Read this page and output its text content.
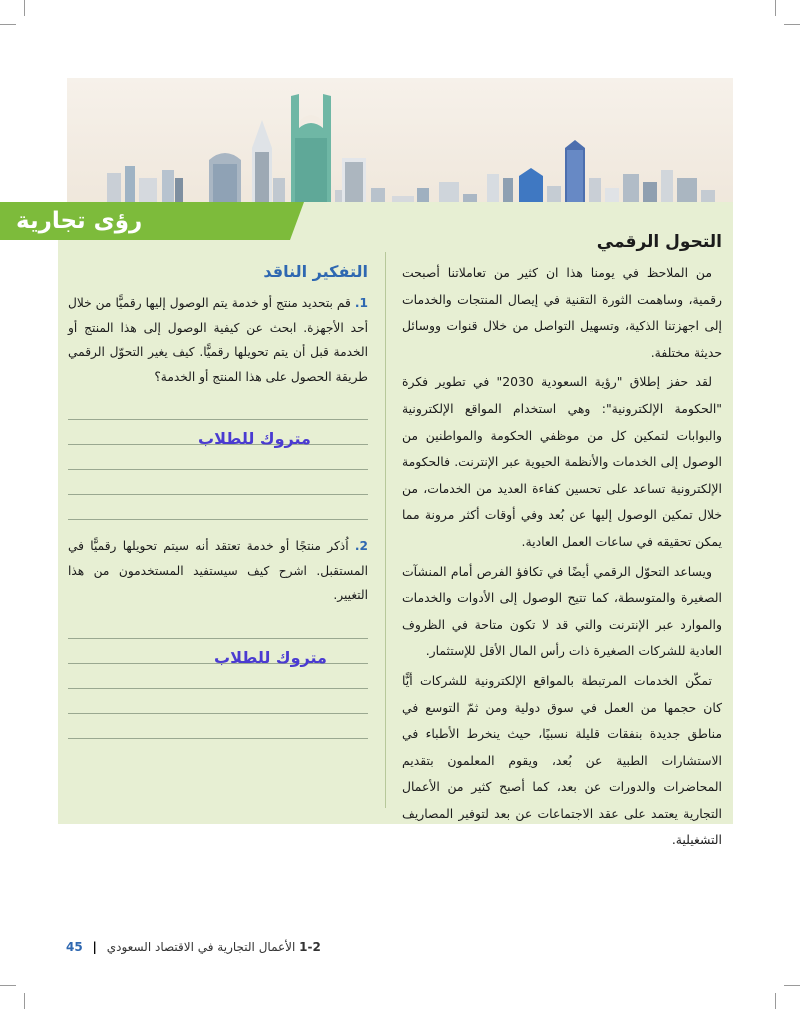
رؤى تجارية
التحول الرقمي

من الملاحظ في يومنا هذا ان كثير من تعاملاتنا أصبحت رقمية، وساهمت الثورة التقنية في إيصال المنتجات والخدمات إلى اجهزتنا الذكية، وتسهيل التواصل من خلال قنوات ووسائل حديثة مختلفة.

لقد حفز إطلاق "رؤية السعودية 2030" في تطوير فكرة "الحكومة الإلكترونية": وهي استخدام المواقع الإلكترونية والبوابات لتمكين كل من موظفي الحكومة والمواطنين من الوصول إلى الخدمات والأنظمة الحيوية عبر الإنترنت. فالحكومة الإلكترونية تساعد على تحسين كفاءة العديد من الخدمات، من خلال تمكين الوصول إليها عن بُعد وفي أوقات أكثر مرونة مما يمكن تحقيقه في ساعات العمل العادية.

ويساعد التحوّل الرقمي أيضًا في تكافؤ الفرص أمام المنشآت الصغيرة والمتوسطة، كما تتيح الوصول إلى الأدوات والخدمات والموارد عبر الإنترنت والتي قد لا تكون متاحة في الظروف العادية للشركات الصغيرة ذات رأس المال الأقل للإستثمار.

تمكّن الخدمات المرتبطة بالمواقع الإلكترونية للشركات أيًّا كان حجمها من العمل في سوق دولية ومن ثمّ التوسع في مناطق جديدة بنفقات قليلة نسبيًا، حيث ينخرط الأطباء في الاستشارات الطبية عن بُعد، ويقوم المعلمون بتقديم المحاضرات والدورات عن بعد، كما أصبح كثير من الأعمال التجارية يعتمد على عقد الاجتماعات عن بعد لتوفير المصاريف التشغيلية.

التفكير الناقد

1. قم بتحديد منتج أو خدمة يتم الوصول إليها رقميًّا من خلال أحد الأجهزة. ابحث عن كيفية الوصول إلى هذا المنتج أو الخدمة قبل أن يتم تحويلها رقميًّا. كيف يغير التحوّل الرقمي طريقة الحصول على هذا المنتج أو الخدمة؟

متروك للطلاب

2. اُذكر منتجًا أو خدمة تعتقد أنه سيتم تحويلها رقميًّا في المستقبل. اشرح كيف سيستفيد المستخدمون من هذا التغيير.

متروك للطلاب
1-2 الأعمال التجارية في الاقتصاد السعودي | 45
